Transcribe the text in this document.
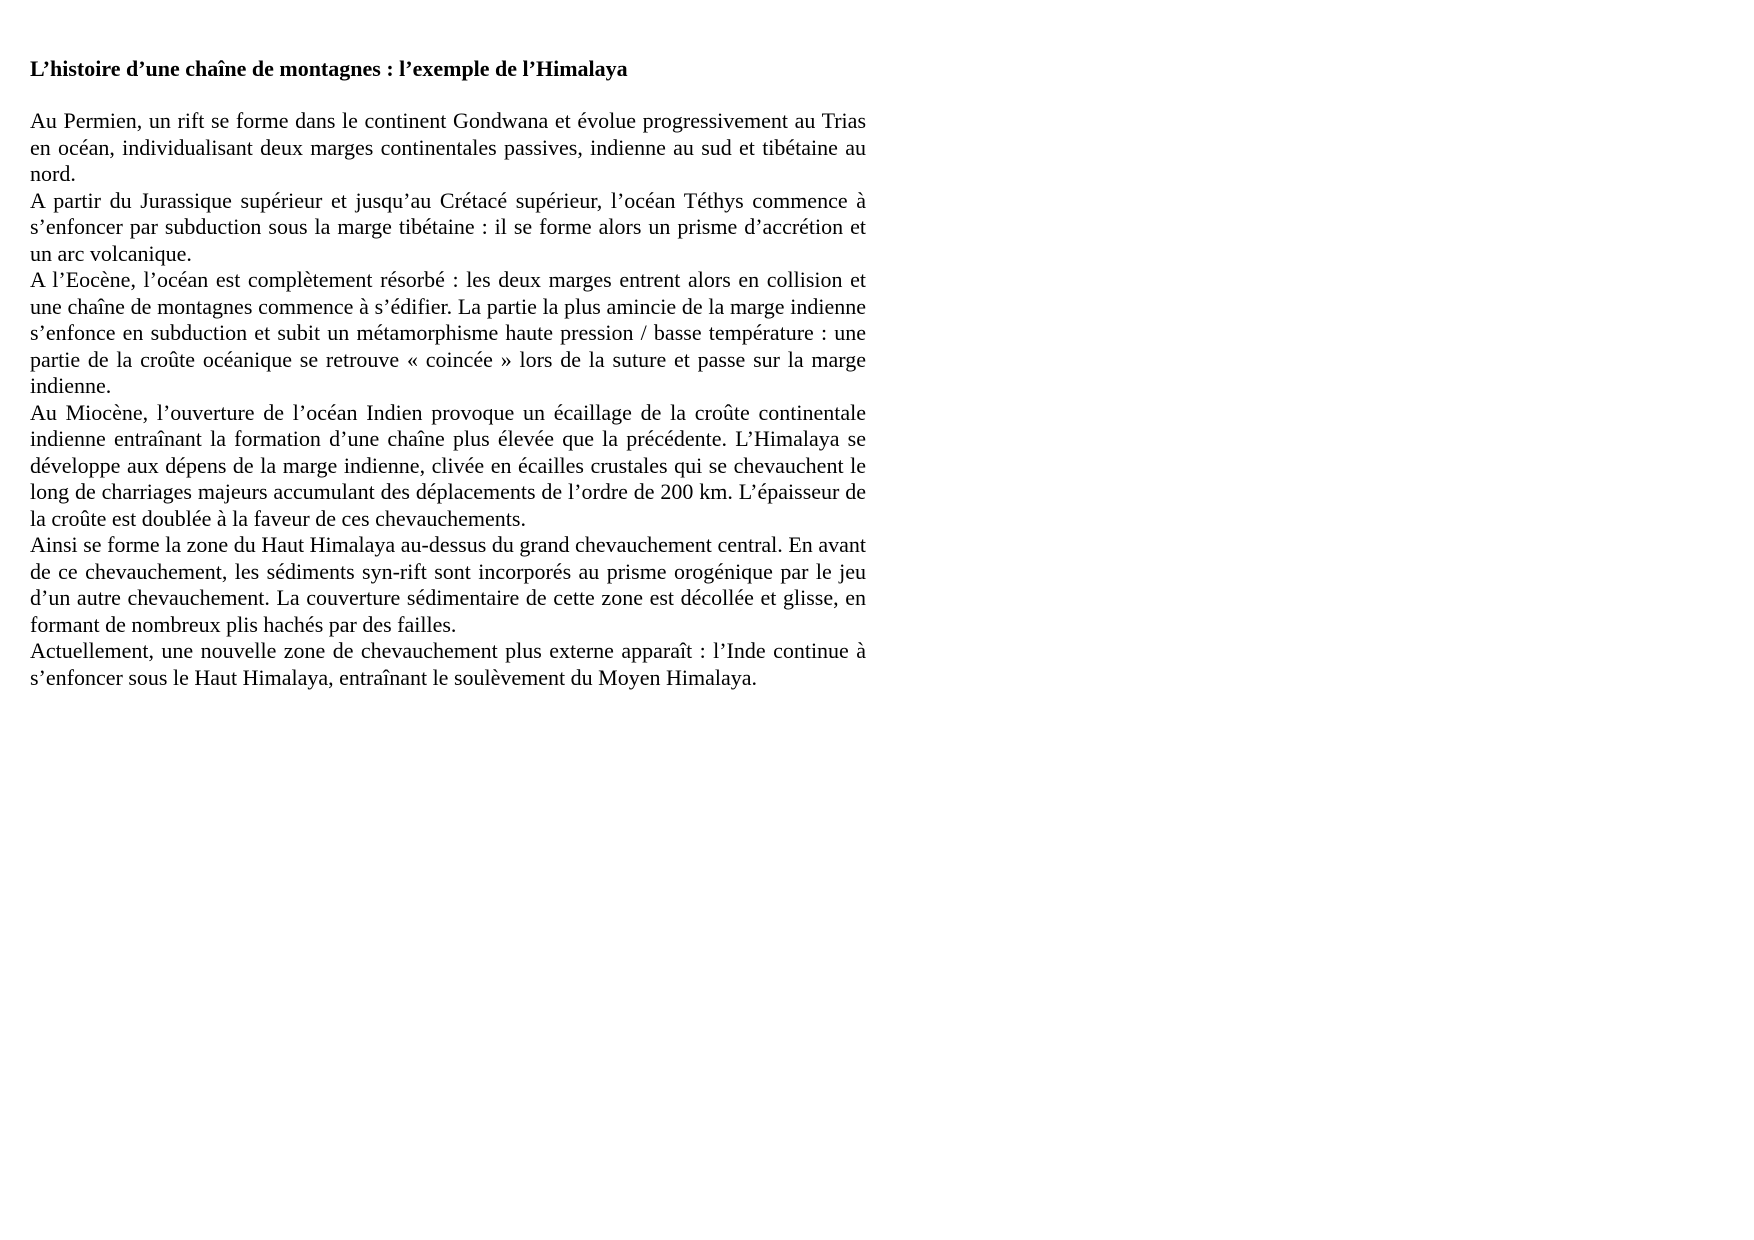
L’histoire d’une chaîne de montagnes : l’exemple de l’Himalaya

Au Permien, un rift se forme dans le continent Gondwana et évolue progressivement au Trias en océan, individualisant deux marges continentales passives, indienne au sud et tibétaine au nord.

A partir du Jurassique supérieur et jusqu’au Crétacé supérieur, l’océan Téthys commence à s’enfoncer par subduction sous la marge tibétaine : il se forme alors un prisme d’accrétion et un arc volcanique.

A l’Eocène, l’océan est complètement résorbé : les deux marges entrent alors en collision et une chaîne de montagnes commence à s’édifier. La partie la plus amincie de la marge indienne s’enfonce en subduction et subit un métamorphisme haute pression / basse température : une partie de la croûte océanique se retrouve « coincée » lors de la suture et passe sur la marge indienne.

Au Miocène, l’ouverture de l’océan Indien provoque un écaillage de la croûte continentale indienne entraînant la formation d’une chaîne plus élevée que la précédente. L’Himalaya se développe aux dépens de la marge indienne, clivée en écailles crustales qui se chevauchent le long de charriages majeurs accumulant des déplacements de l’ordre de 200 km. L’épaisseur de la croûte est doublée à la faveur de ces chevauchements.

Ainsi se forme la zone du Haut Himalaya au-dessus du grand chevauchement central. En avant de ce chevauchement, les sédiments syn-rift sont incorporés au prisme orogénique par le jeu d’un autre chevauchement. La couverture sédimentaire de cette zone est décollée et glisse, en formant de nombreux plis hachés par des failles.

Actuellement, une nouvelle zone de chevauchement plus externe apparaît : l’Inde continue à s’enfoncer sous le Haut Himalaya, entraînant le soulèvement du Moyen Himalaya.
